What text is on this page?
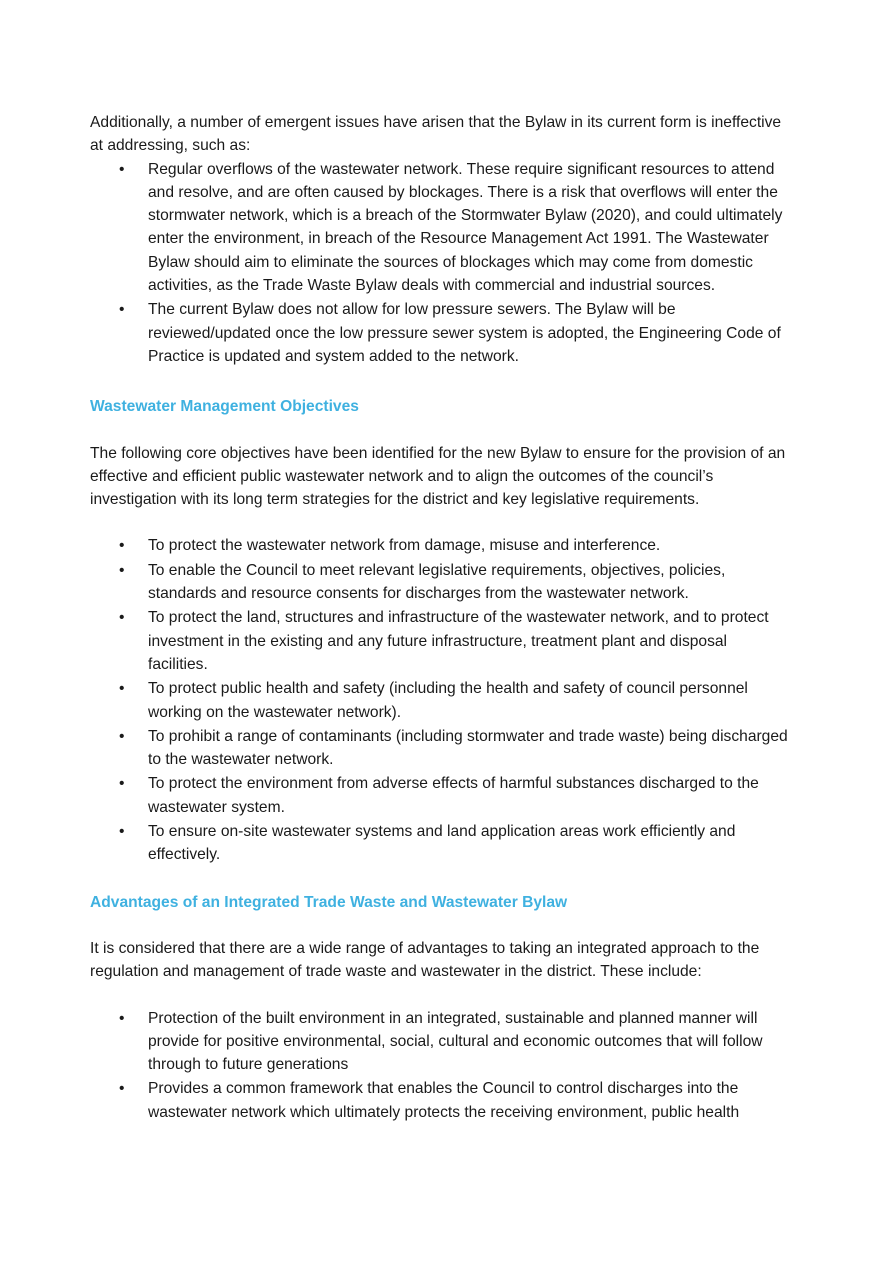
Additionally, a number of emergent issues have arisen that the Bylaw in its current form is ineffective at addressing, such as:

• Regular overflows of the wastewater network. These require significant resources to attend and resolve, and are often caused by blockages. There is a risk that overflows will enter the stormwater network, which is a breach of the Stormwater Bylaw (2020), and could ultimately enter the environment, in breach of the Resource Management Act 1991. The Wastewater Bylaw should aim to eliminate the sources of blockages which may come from domestic activities, as the Trade Waste Bylaw deals with commercial and industrial sources.
• The current Bylaw does not allow for low pressure sewers. The Bylaw will be reviewed/updated once the low pressure sewer system is adopted, the Engineering Code of Practice is updated and system added to the network.
Wastewater Management Objectives

The following core objectives have been identified for the new Bylaw to ensure for the provision of an effective and efficient public wastewater network and to align the outcomes of the council’s investigation with its long term strategies for the district and key legislative requirements.

• To protect the wastewater network from damage, misuse and interference.
• To enable the Council to meet relevant legislative requirements, objectives, policies, standards and resource consents for discharges from the wastewater network.
• To protect the land, structures and infrastructure of the wastewater network, and to protect investment in the existing and any future infrastructure, treatment plant and disposal facilities.
• To protect public health and safety (including the health and safety of council personnel working on the wastewater network).
• To prohibit a range of contaminants (including stormwater and trade waste) being discharged to the wastewater network.
• To protect the environment from adverse effects of harmful substances discharged to the wastewater system.
• To ensure on-site wastewater systems and land application areas work efficiently and effectively.
Advantages of an Integrated Trade Waste and Wastewater Bylaw

It is considered that there are a wide range of advantages to taking an integrated approach to the regulation and management of trade waste and wastewater in the district. These include:

• Protection of the built environment in an integrated, sustainable and planned manner will provide for positive environmental, social, cultural and economic outcomes that will follow through to future generations
• Provides a common framework that enables the Council to control discharges into the wastewater network which ultimately protects the receiving environment, public health
